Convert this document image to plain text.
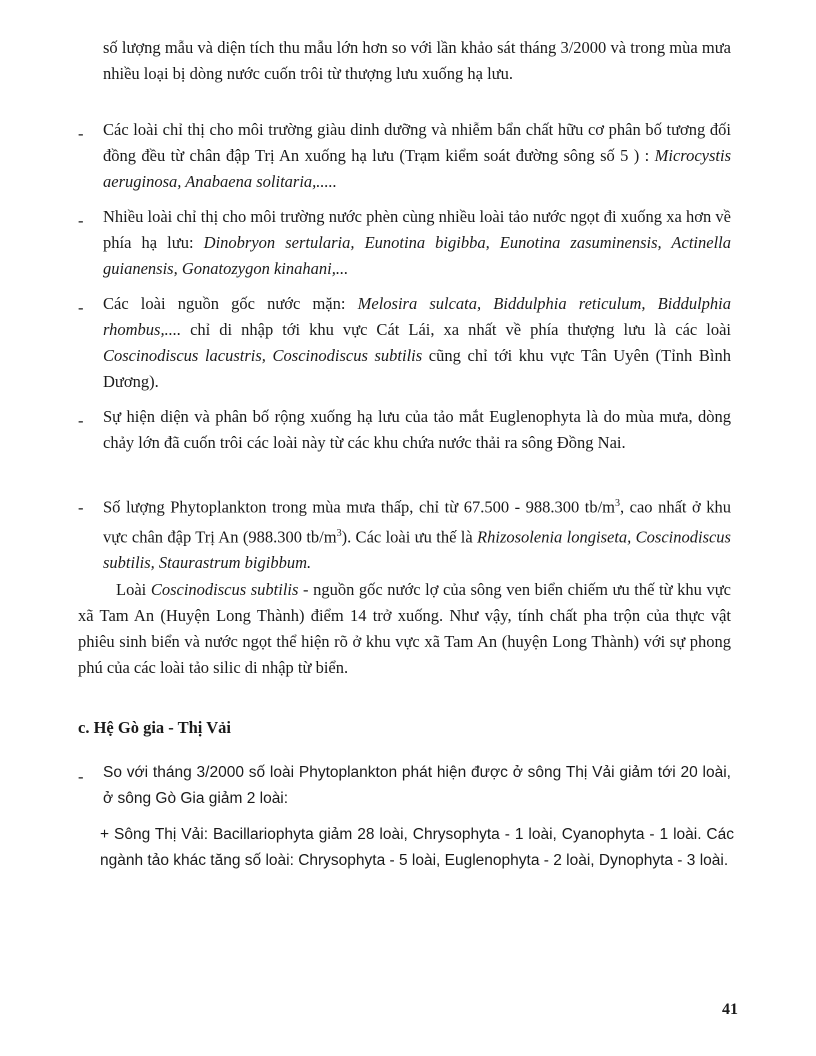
số lượng mẫu và diện tích thu mẫu lớn hơn so với lần khảo sát tháng 3/2000 và trong mùa mưa nhiều loại bị dòng nước cuốn trôi từ thượng lưu xuống hạ lưu.

- Các loài chỉ thị cho môi trường giàu dinh dưỡng và nhiễm bẩn chất hữu cơ phân bố tương đối đồng đều từ chân đập Trị An xuống hạ lưu (Trạm kiểm soát đường sông số 5 ) : Microcystis aeruginosa, Anabaena solitaria,.....

- Nhiều loài chỉ thị cho môi trường nước phèn cùng nhiều loài tảo nước ngọt đi xuống xa hơn về phía hạ lưu: Dinobryon sertularia, Eunotina bigibba, Eunotina zasuminensis, Actinella guianensis, Gonatozygon kinahani,...

- Các loài nguồn gốc nước mặn: Melosira sulcata, Biddulphia reticulum, Biddulphia rhombus,.... chỉ di nhập tới khu vực Cát Lái, xa nhất về phía thượng lưu là các loài Coscinodiscus lacustris, Coscinodiscus subtilis cũng chỉ tới khu vực Tân Uyên (Tỉnh Bình Dương).

- Sự hiện diện và phân bố rộng xuống hạ lưu của tảo mắt Euglenophyta là do mùa mưa, dòng chảy lớn đã cuốn trôi các loài này từ các khu chứa nước thải ra sông Đồng Nai.

- Số lượng Phytoplankton trong mùa mưa thấp, chỉ từ 67.500 - 988.300 $tb/m^3$, cao nhất ở khu vực chân đập Trị An (988.300 $tb/m^3$). Các loài ưu thế là Rhizosolenia longiseta, Coscinodiscus subtilis, Staurastrum bigibbum.

Loài Coscinodiscus subtilis - nguồn gốc nước lợ của sông ven biển chiếm ưu thế từ khu vực xã Tam An (Huyện Long Thành) điểm 14 trở xuống. Như vậy, tính chất pha trộn của thực vật phiêu sinh biển và nước ngọt thể hiện rõ ở khu vực xã Tam An (huyện Long Thành) với sự phong phú của các loài tảo silic di nhập từ biển.

c. Hệ Gò gia - Thị Vải
- So với tháng 3/2000 số loài Phytoplankton phát hiện được ở sông Thị Vải giảm tới 20 loài, ở sông Gò Gia giảm 2 loài:

+ Sông Thị Vải: Bacillariophyta giảm 28 loài, Chrysophyta - 1 loài, Cyanophyta - 1 loài. Các ngành tảo khác tăng số loài: Chrysophyta - 5 loài, Euglenophyta - 2 loài, Dynophyta - 3 loài.

41
